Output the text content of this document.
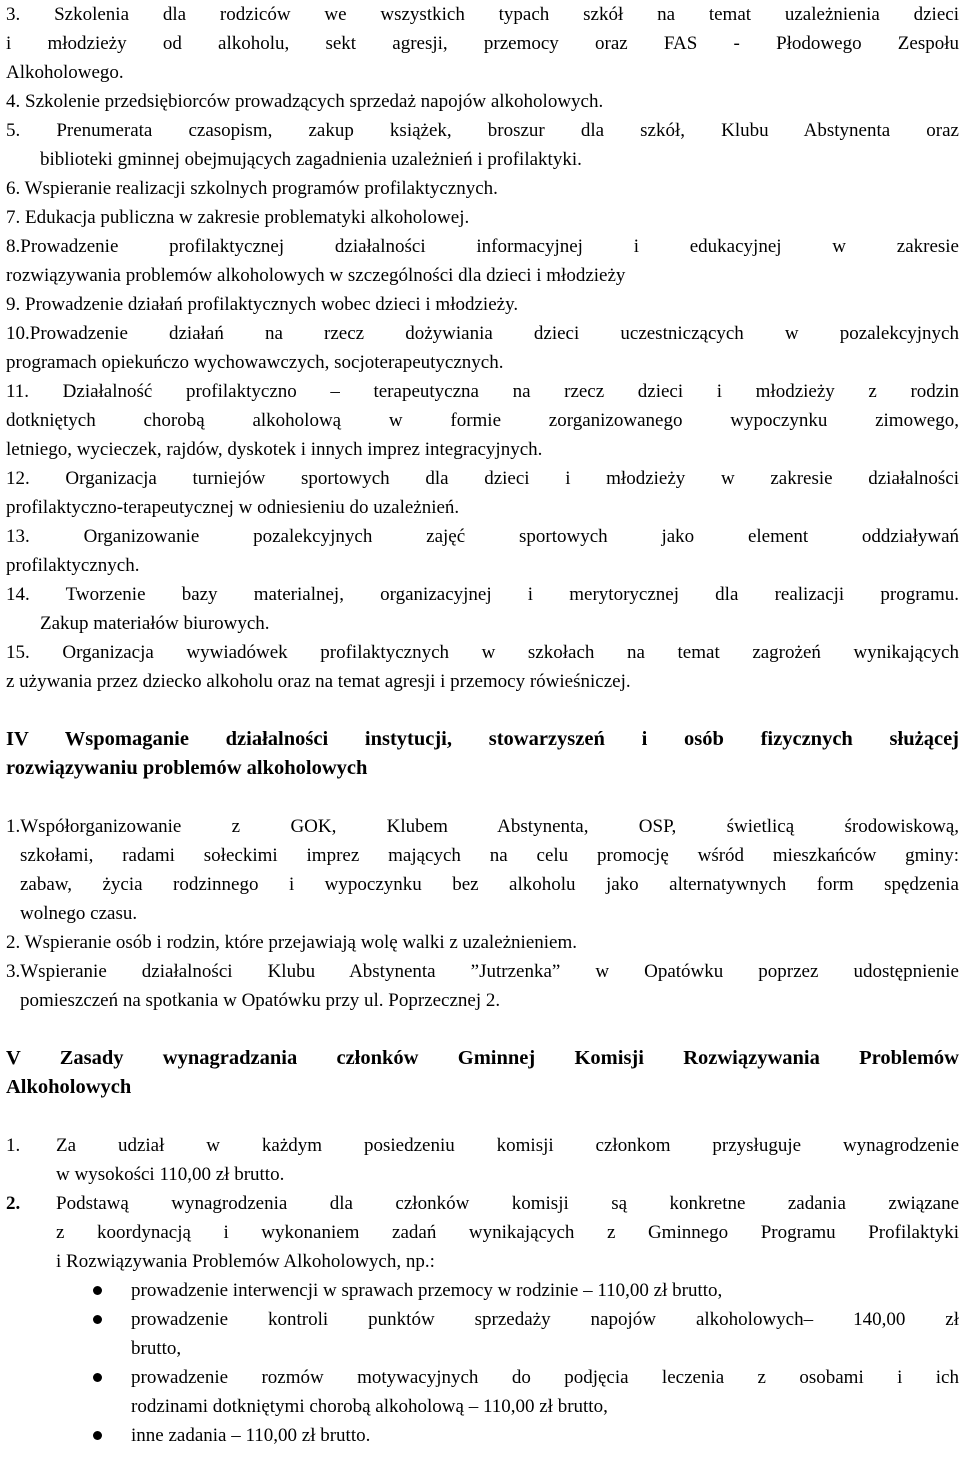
3. Szkolenia dla rodziców we wszystkich typach szkół na temat uzależnienia dzieci
i młodzieży od alkoholu, sekt agresji, przemocy oraz FAS - Płodowego Zespołu
Alkoholowego.
4. Szkolenie przedsiębiorców prowadzących sprzedaż napojów alkoholowych.
5. Prenumerata czasopism, zakup książek, broszur dla szkół, Klubu Abstynenta oraz
biblioteki gminnej obejmujących zagadnienia uzależnień i profilaktyki.
6. Wspieranie realizacji szkolnych programów profilaktycznych.
7. Edukacja publiczna w zakresie problematyki alkoholowej.
8.Prowadzenie profilaktycznej działalności informacyjnej i edukacyjnej w zakresie
rozwiązywania problemów alkoholowych w szczególności dla dzieci i młodzieży
9. Prowadzenie działań profilaktycznych wobec dzieci i młodzieży.
10.Prowadzenie działań na rzecz dożywiania dzieci uczestniczących w pozalekcyjnych
programach opiekuńczo wychowawczych, socjoterapeutycznych.
11. Działalność profilaktyczno – terapeutyczna na rzecz dzieci i młodzieży z rodzin
dotkniętych chorobą alkoholową w formie zorganizowanego wypoczynku zimowego,
letniego, wycieczek, rajdów, dyskotek i innych imprez integracyjnych.
12. Organizacja turniejów sportowych dla dzieci i młodzieży w zakresie działalności
profilaktyczno-terapeutycznej w odniesieniu do uzależnień.
13. Organizowanie pozalekcyjnych zajęć sportowych jako element oddziaływań
profilaktycznych.
14. Tworzenie bazy materialnej, organizacyjnej i merytorycznej dla realizacji programu.
Zakup materiałów biurowych.
15. Organizacja wywiadówek profilaktycznych w szkołach na temat zagrożeń wynikających
z używania przez dziecko alkoholu oraz na temat agresji i przemocy rówieśniczej.
IV Wspomaganie działalności instytucji, stowarzyszeń i osób fizycznych służącej
rozwiązywaniu problemów alkoholowych
1.Współorganizowanie z GOK, Klubem Abstynenta, OSP, świetlicą środowiskową,
szkołami, radami sołeckimi imprez mających na celu promocję wśród mieszkańców gminy:
zabaw, życia rodzinnego i wypoczynku bez alkoholu jako alternatywnych form spędzenia
wolnego czasu.
2. Wspieranie osób i rodzin, które przejawiają wolę walki z uzależnieniem.
3.Wspieranie działalności Klubu Abstynenta ”Jutrzenka” w Opatówku poprzez udostępnienie
pomieszczeń na spotkania w Opatówku przy ul. Poprzecznej 2.
V Zasady wynagradzania członków Gminnej Komisji Rozwiązywania Problemów
Alkoholowych
1. Za udział w każdym posiedzeniu komisji członkom przysługuje wynagrodzenie
w wysokości 110,00 zł brutto.
2. Podstawą wynagrodzenia dla członków komisji są konkretne zadania związane
z koordynacją i wykonaniem zadań wynikających z Gminnego Programu Profilaktyki
i Rozwiązywania Problemów Alkoholowych, np.:
prowadzenie interwencji w sprawach przemocy w rodzinie – 110,00 zł brutto,
prowadzenie kontroli punktów sprzedaży napojów alkoholowych– 140,00 zł
brutto,
prowadzenie rozmów motywacyjnych do podjęcia leczenia z osobami i ich
rodzinami dotkniętymi chorobą alkoholową – 110,00 zł brutto,
inne zadania – 110,00 zł brutto.
